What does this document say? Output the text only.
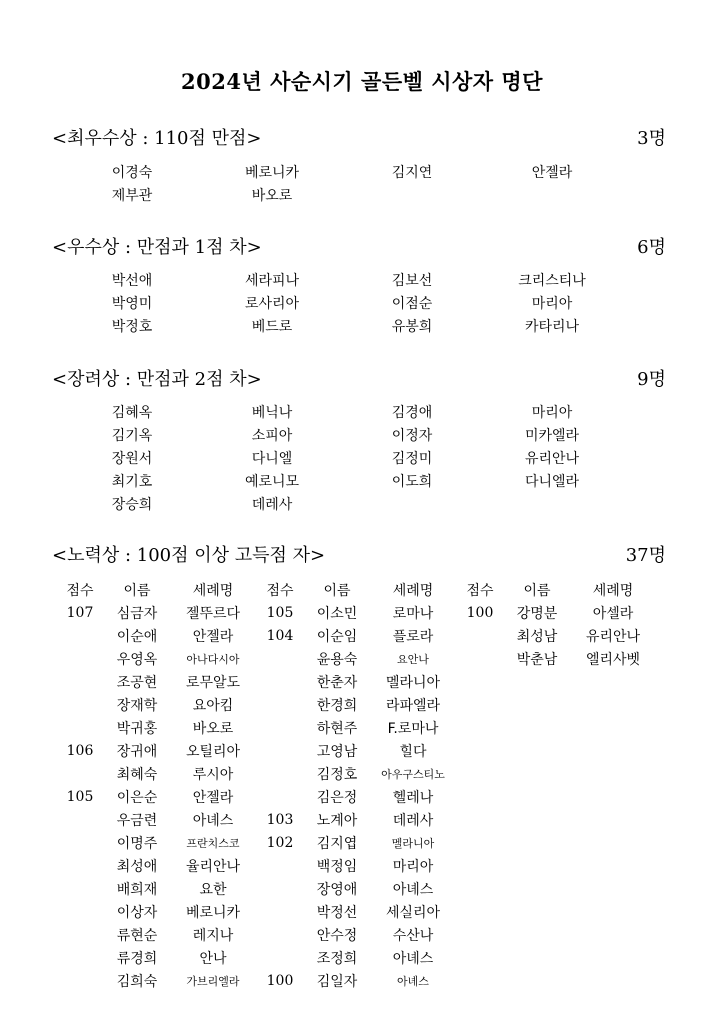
2024년 사순시기 골든벨 시상자 명단
<최우수상 : 110점 만점>	3명
이경숙	베로니카	김지연	안젤라
제부관	바오로
<우수상 : 만점과 1점 차>	6명
박선애	세라피나	김보선	크리스티나
박영미	로사리아	이점순	마리아
박정호	베드로	유봉희	카타리나
<장려상 : 만점과 2점 차>	9명
김혜옥	베닉나	김경애	마리아
김기옥	소피아	이정자	미카엘라
장원서	다니엘	김정미	유리안나
최기호	예로니모	이도희	다니엘라
장승희	데레사
<노력상 : 100점 이상 고득점 자>	37명
점수	이름	세례명	점수	이름	세례명	점수	이름	세례명
107	심금자	젤뚜르다	105	이소민	로마나	100	강명분	아셀라
	이순애	안젤라	104	이순임	플로라		최성남	유리안나
	우영옥	아나다시아		윤용숙	요안나		박춘남	엘리사벳
	조공현	로무알도		한춘자	멜라니아			
	장재학	요아킴		한경희	라파엘라			
	박귀홍	바오로		하현주	F.로마나			
106	장귀애	오틸리아		고영남	힐다			
	최혜숙	루시아		김정호	아우구스티노			
105	이은순	안젤라		김은정	헬레나			
	우금련	아녜스	103	노계아	데레사			
	이명주	프란치스코	102	김지엽	멜라니아			
	최성애	율리안나		백정임	마리아			
	배희재	요한		장영애	아녜스			
	이상자	베로니카		박정선	세실리아			
	류현순	레지나		안수정	수산나			
	류경희	안나		조정희	아녜스			
	김희숙	가브리엘라	100	김일자	아녜스			
